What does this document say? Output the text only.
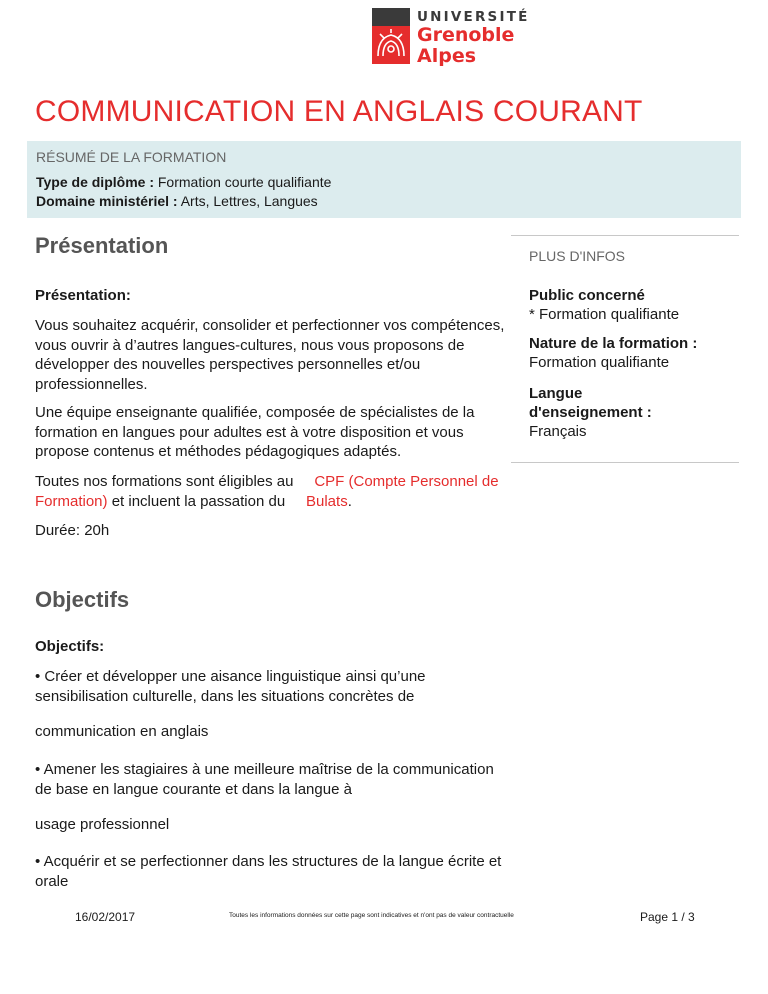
UNIVERSITÉ
Grenoble
Alpes
COMMUNICATION EN ANGLAIS COURANT
RÉSUMÉ DE LA FORMATION
Type de diplôme : Formation courte qualifiante
Domaine ministériel : Arts, Lettres, Langues
Présentation

Présentation:

Vous souhaitez acquérir, consolider et perfectionner vos compétences, vous ouvrir à d’autres langues-cultures, nous vous proposons de développer des nouvelles perspectives personnelles et/ou professionnelles.

Une équipe enseignante qualifiée, composée de spécialistes de la formation en langues pour adultes est à votre disposition et vous propose contenus et méthodes pédagogiques adaptés.

Toutes nos formations sont éligibles au CPF (Compte Personnel de Formation) et incluent la passation du Bulats.

Durée: 20h

Objectifs

Objectifs:

• Créer et développer une aisance linguistique ainsi qu’une sensibilisation culturelle, dans les situations concrètes de

communication en anglais

• Amener les stagiaires à une meilleure maîtrise de la communication de base en langue courante et dans la langue à

usage professionnel

• Acquérir et se perfectionner dans les structures de la langue écrite et orale

PLUS D'INFOS
Public concerné
* Formation qualifiante
Nature de la formation :
Formation qualifiante
Langue d'enseignement :
Français
16/02/2017	Toutes les informations données sur cette page sont indicatives et n'ont pas de valeur contractuelle	Page 1 / 3
